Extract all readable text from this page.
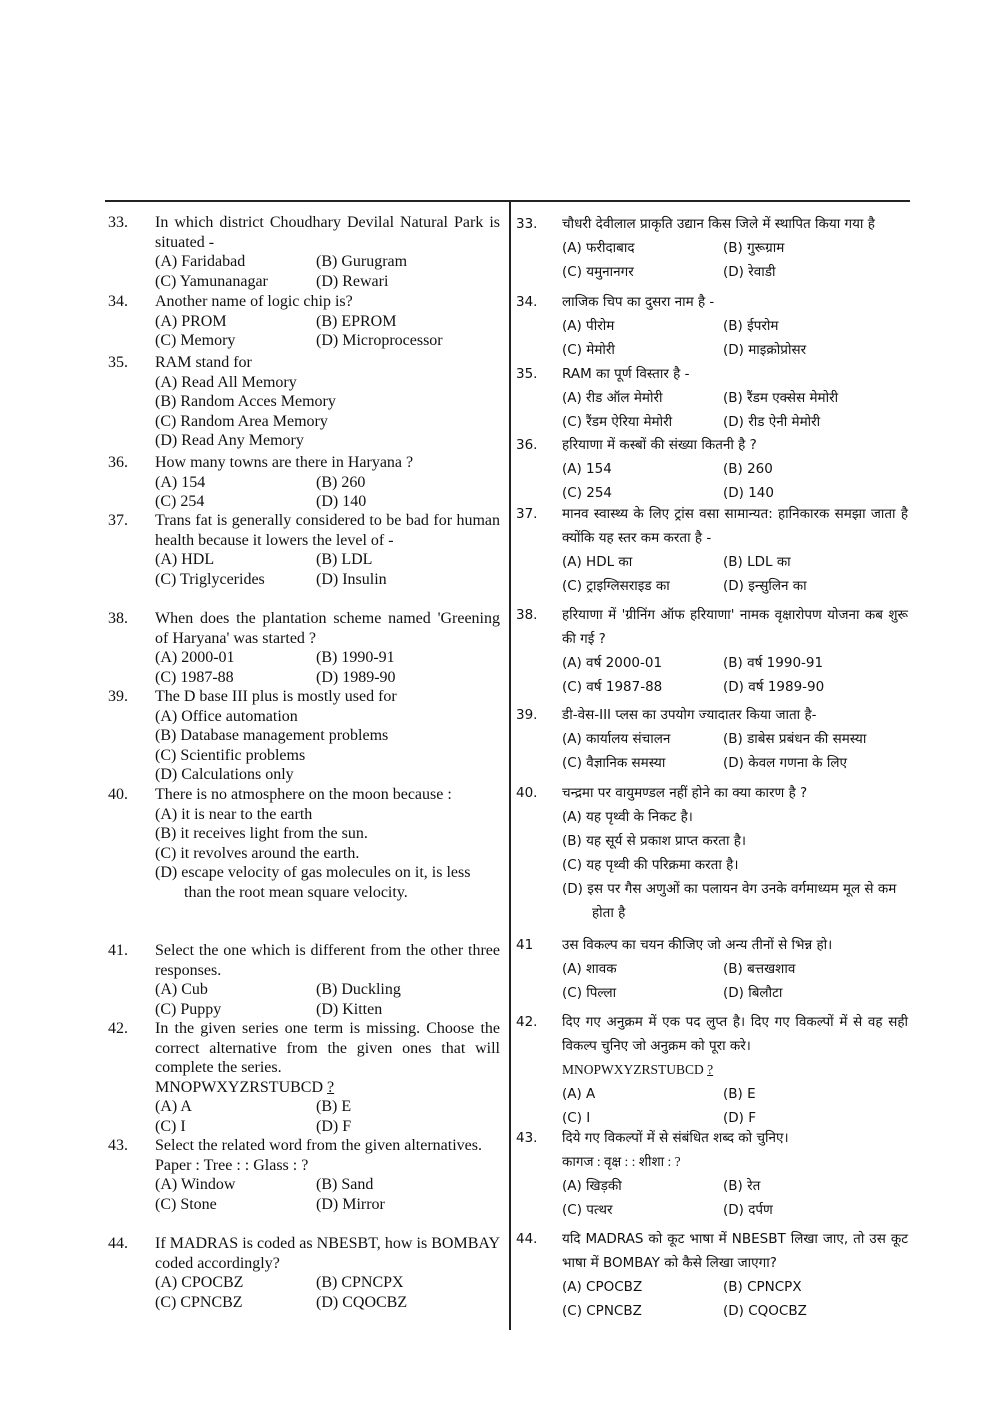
33. In which district Choudhary Devilal Natural Park is situated -
(A) Faridabad	(B) Gurugram
(C) Yamunanagar	(D) Rewari
34. Another name of logic chip is?
(A) PROM	(B) EPROM
(C) Memory	(D) Microprocessor
35. RAM stand for
(A) Read All Memory
(B) Random Acces Memory
(C) Random Area Memory
(D) Read Any Memory
36. How many towns are there in Haryana ?
(A) 154	(B) 260
(C) 254	(D) 140
37. Trans fat is generally considered to be bad for human health because it lowers the level of -
(A) HDL	(B) LDL
(C) Triglycerides	(D) Insulin
38. When does the plantation scheme named 'Greening of Haryana' was started ?
(A) 2000-01	(B) 1990-91
(C) 1987-88	(D) 1989-90
39. The D base III plus is mostly used for
(A) Office automation
(B) Database management problems
(C) Scientific problems
(D) Calculations only
40. There is no atmosphere on the moon because :
(A) it is near to the earth
(B) it receives light from the sun.
(C) it revolves around the earth.
(D) escape velocity of gas molecules on it, is less than the root mean square velocity.
41. Select the one which is different from the other three responses.
(A) Cub	(B) Duckling
(C) Puppy	(D) Kitten
42. In the given series one term is missing. Choose the correct alternative from the given ones that will complete the series.
MNOPWXYZRSTUBCD ?
(A) A	(B) E
(C) I	(D) F
43. Select the related word from the given alternatives.
Paper : Tree : : Glass : ?
(A) Window	(B) Sand
(C) Stone	(D) Mirror
44. If MADRAS is coded as NBESBT, how is BOMBAY coded accordingly?
(A) CPOCBZ	(B) CPNCPX
(C) CPNCBZ	(D) CQOCBZ
33. चौधरी देवीलाल प्राकृति उद्यान किस जिले में स्थापित किया गया है
(A) फरीदाबाद	(B) गुरूग्राम
(C) यमुनानगर	(D) रेवाडी
34. लाजिक चिप का दुसरा नाम है -
(A) पीरोम	(B) ईपरोम
(C) मेमोरी	(D) माइक्रोप्रोसर
35. RAM का पूर्ण विस्तार है -
(A) रीड ऑल मेमोरी	(B) रैंडम एक्सेस मेमोरी
(C) रैंडम ऐरिया मेमोरी	(D) रीड ऐनी मेमोरी
36. हरियाणा में कस्बों की संख्या कितनी है ?
(A) 154	(B) 260
(C) 254	(D) 140
37. मानव स्वास्थ्य के लिए ट्रांस वसा सामान्यत: हानिकारक समझा जाता है क्योंकि यह स्तर कम करता है -
(A) HDL का	(B) LDL का
(C) ट्राइग्लिसराइड का	(D) इन्सुलिन का
38. हरियाणा में 'ग्रीनिंग ऑफ हरियाणा' नामक वृक्षारोपण योजना कब शुरू की गई ?
(A) वर्ष 2000-01	(B) वर्ष 1990-91
(C) वर्ष 1987-88	(D) वर्ष 1989-90
39. डी-वेस-III प्लस का उपयोग ज्यादातर किया जाता है-
(A) कार्यालय संचालन	(B) डाबेस प्रबंधन की समस्या
(C) वैज्ञानिक समस्या	(D) केवल गणना के लिए
40. चन्द्रमा पर वायुमण्डल नहीं होने का क्या कारण है ?
(A) यह पृथ्वी के निकट है।
(B) यह सूर्य से प्रकाश प्राप्त करता है।
(C) यह पृथ्वी की परिक्रमा करता है।
(D) इस पर गैस अणुओं का पलायन वेग उनके वर्गमाध्यम मूल से कम होता है
41 उस विकल्प का चयन कीजिए जो अन्य तीनों से भिन्न हो।
(A) शावक	(B) बत्तखशाव
(C) पिल्ला	(D) बिलौटा
42. दिए गए अनुक्रम में एक पद लुप्त है। दिए गए विकल्पों में से वह सही विकल्प चुनिए जो अनुक्रम को पूरा करे।
MNOPWXYZRSTUBCD ?
(A) A	(B) E
(C) I	(D) F
43. दिये गए विकल्पों में से संबंधित शब्द को चुनिए।
कागज : वृक्ष : : शीशा : ?
(A) खिड़की	(B) रेत
(C) पत्थर	(D) दर्पण
44. यदि MADRAS को कूट भाषा में NBESBT लिखा जाए, तो उस कूट भाषा में BOMBAY को कैसे लिखा जाएगा?
(A) CPOCBZ	(B) CPNCPX
(C) CPNCBZ	(D) CQOCBZ
